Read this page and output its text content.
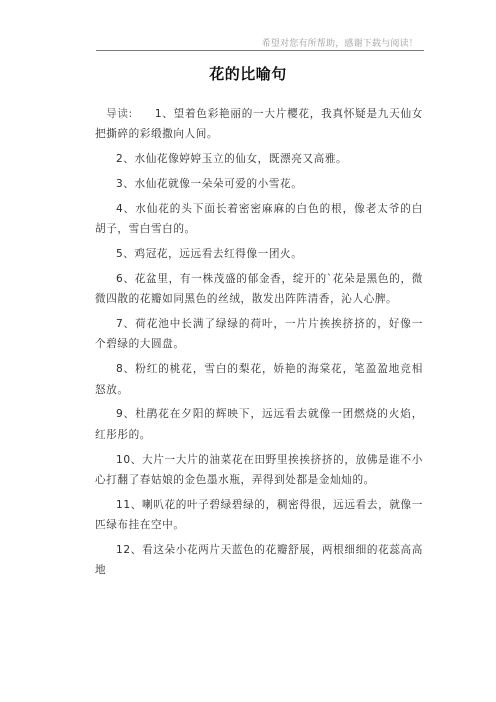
希望对您有所帮助，感谢下载与阅读！
花的比喻句

导读: 1、望着色彩艳丽的一大片樱花，我真怀疑是九天仙女把撕碎的彩缎撒向人间。

2、水仙花像婷婷玉立的仙女，既漂亮又高雅。

3、水仙花就像一朵朵可爱的小雪花。

4、水仙花的头下面长着密密麻麻的白色的根，像老太爷的白胡子，雪白雪白的。

5、鸡冠花，远远看去红得像一团火。

6、花盆里，有一株茂盛的郁金香，绽开的`花朵是黑色的，微微四散的花瓣如同黑色的丝绒，散发出阵阵清香，沁人心脾。

7、荷花池中长满了绿绿的荷叶，一片片挨挨挤挤的，好像一个碧绿的大圆盘。

8、粉红的桃花，雪白的梨花，娇艳的海棠花，笔盈盈地竞相怒放。

9、杜鹃花在夕阳的辉映下，远远看去就像一团燃烧的火焰，红彤彤的。

10、大片一大片的油菜花在田野里挨挨挤挤的，放佛是谁不小心打翻了春姑娘的金色墨水瓶，弄得到处都是金灿灿的。

11、喇叭花的叶子碧绿碧绿的，稠密得很，远远看去，就像一匹绿布挂在空中。

12、看这朵小花两片天蓝色的花瓣舒展，两根细细的花蕊高高地
